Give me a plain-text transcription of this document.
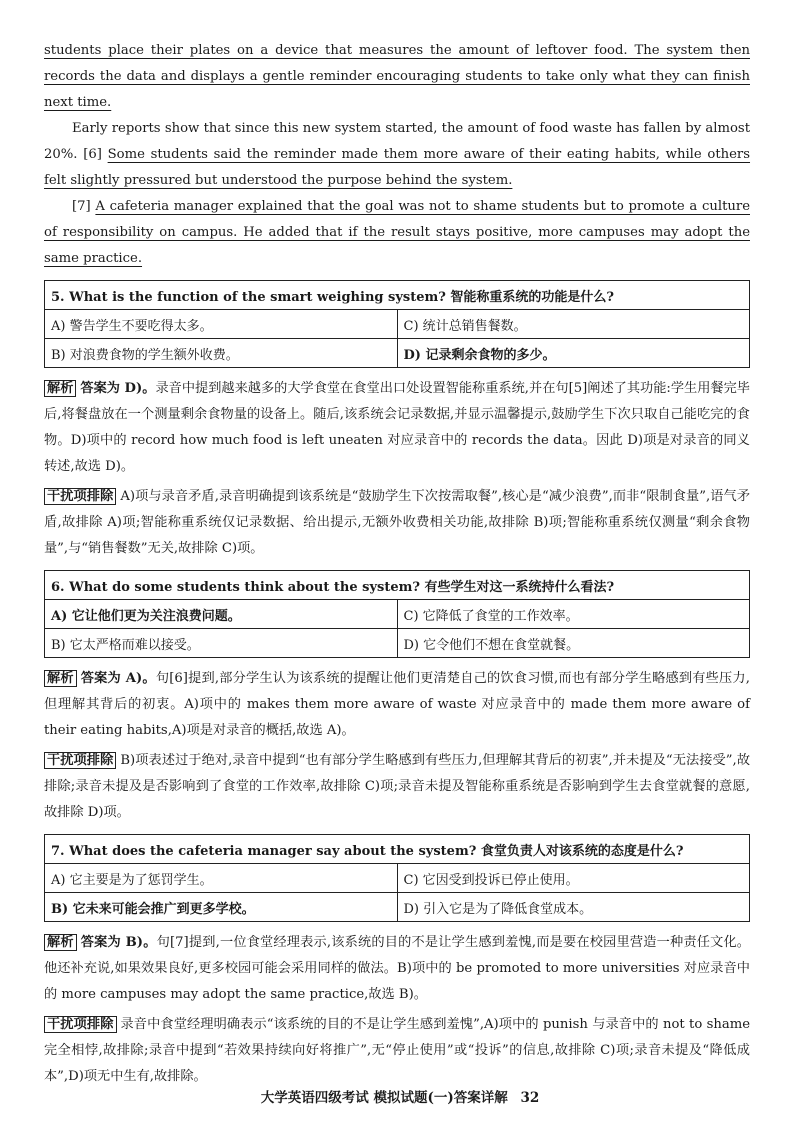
students place their plates on a device that measures the amount of leftover food. The system then records the data and displays a gentle reminder encouraging students to take only what they can finish next time.

Early reports show that since this new system started, the amount of food waste has fallen by almost 20%. [6] Some students said the reminder made them more aware of their eating habits, while others felt slightly pressured but understood the purpose behind the system.

[7] A cafeteria manager explained that the goal was not to shame students but to promote a culture of responsibility on campus. He added that if the result stays positive, more campuses may adopt the same practice.

5. What is the function of the smart weighing system? 智能称重系统的功能是什么?	
A) 警告学生不要吃得太多。	C) 统计总销售餐数。
B) 对浪费食物的学生额外收费。	D) 记录剩余食物的多少。

解析 答案为 D)。录音中提到越来越多的大学食堂在食堂出口处设置智能称重系统,并在句[5]阐述了其功能:学生用餐完毕后,将餐盘放在一个测量剩余食物量的设备上。随后,该系统会记录数据,并显示温馨提示,鼓励学生下次只取自己能吃完的食物。D)项中的 record how much food is left uneaten 对应录音中的 records the data。因此 D)项是对录音的同义转述,故选 D)。

干扰项排除 A)项与录音矛盾,录音明确提到该系统是“鼓励学生下次按需取餐”,核心是“减少浪费”,而非“限制食量”,语气矛盾,故排除 A)项;智能称重系统仅记录数据、给出提示,无额外收费相关功能,故排除 B)项;智能称重系统仅测量“剩余食物量”,与“销售餐数”无关,故排除 C)项。

6. What do some students think about the system? 有些学生对这一系统持什么看法?	
A) 它让他们更为关注浪费问题。	C) 它降低了食堂的工作效率。
B) 它太严格而难以接受。	D) 它令他们不想在食堂就餐。

解析 答案为 A)。句[6]提到,部分学生认为该系统的提醒让他们更清楚自己的饮食习惯,而也有部分学生略感到有些压力,但理解其背后的初衷。A)项中的 makes them more aware of waste 对应录音中的 made them more aware of their eating habits,A)项是对录音的概括,故选 A)。

干扰项排除 B)项表述过于绝对,录音中提到“也有部分学生略感到有些压力,但理解其背后的初衷”,并未提及“无法接受”,故排除;录音未提及是否影响到了食堂的工作效率,故排除 C)项;录音未提及智能称重系统是否影响到学生去食堂就餐的意愿,故排除 D)项。

7. What does the cafeteria manager say about the system? 食堂负责人对该系统的态度是什么?	
A) 它主要是为了惩罚学生。	C) 它因受到投诉已停止使用。
B) 它未来可能会推广到更多学校。	D) 引入它是为了降低食堂成本。

解析 答案为 B)。句[7]提到,一位食堂经理表示,该系统的目的不是让学生感到羞愧,而是要在校园里营造一种责任文化。他还补充说,如果效果良好,更多校园可能会采用同样的做法。B)项中的 be promoted to more universities 对应录音中的 more campuses may adopt the same practice,故选 B)。

干扰项排除 录音中食堂经理明确表示“该系统的目的不是让学生感到羞愧”,A)项中的 punish 与录音中的 not to shame 完全相悖,故排除;录音中提到“若效果持续向好将推广”,无“停止使用”或“投诉”的信息,故排除 C)项;录音未提及“降低成本”,D)项无中生有,故排除。

大学英语四级考试 模拟试题(一)答案详解 32
